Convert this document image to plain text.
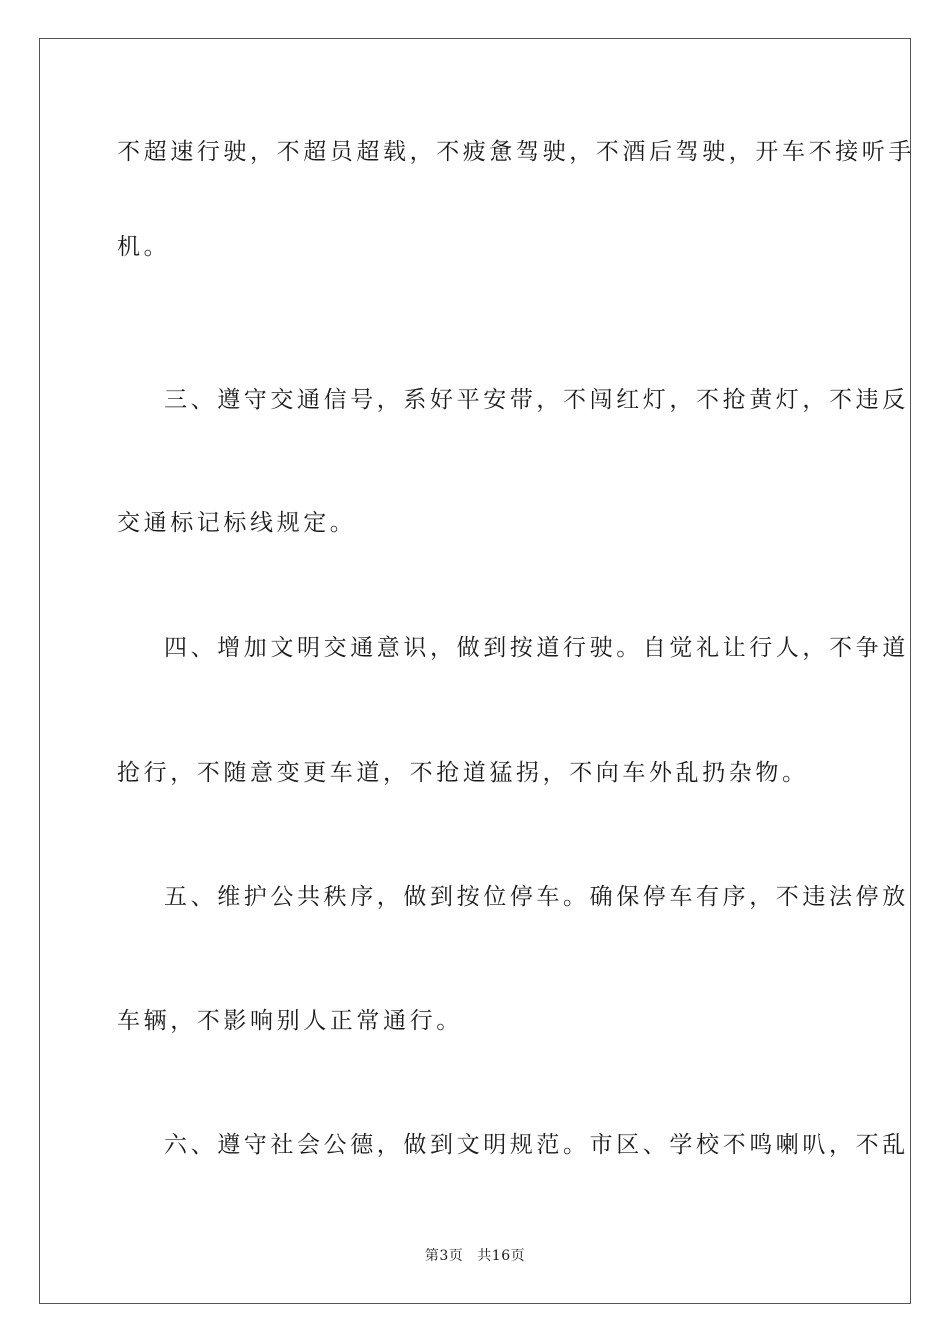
不超速行驶，不超员超载，不疲惫驾驶，不酒后驾驶，开车不接听手
机。
三、遵守交通信号，系好平安带，不闯红灯，不抢黄灯，不违反
交通标记标线规定。
四、增加文明交通意识，做到按道行驶。自觉礼让行人，不争道
抢行，不随意变更车道，不抢道猛拐，不向车外乱扔杂物。
五、维护公共秩序，做到按位停车。确保停车有序，不违法停放
车辆，不影响别人正常通行。
六、遵守社会公德，做到文明规范。市区、学校不鸣喇叭，不乱
第3页 共16页
